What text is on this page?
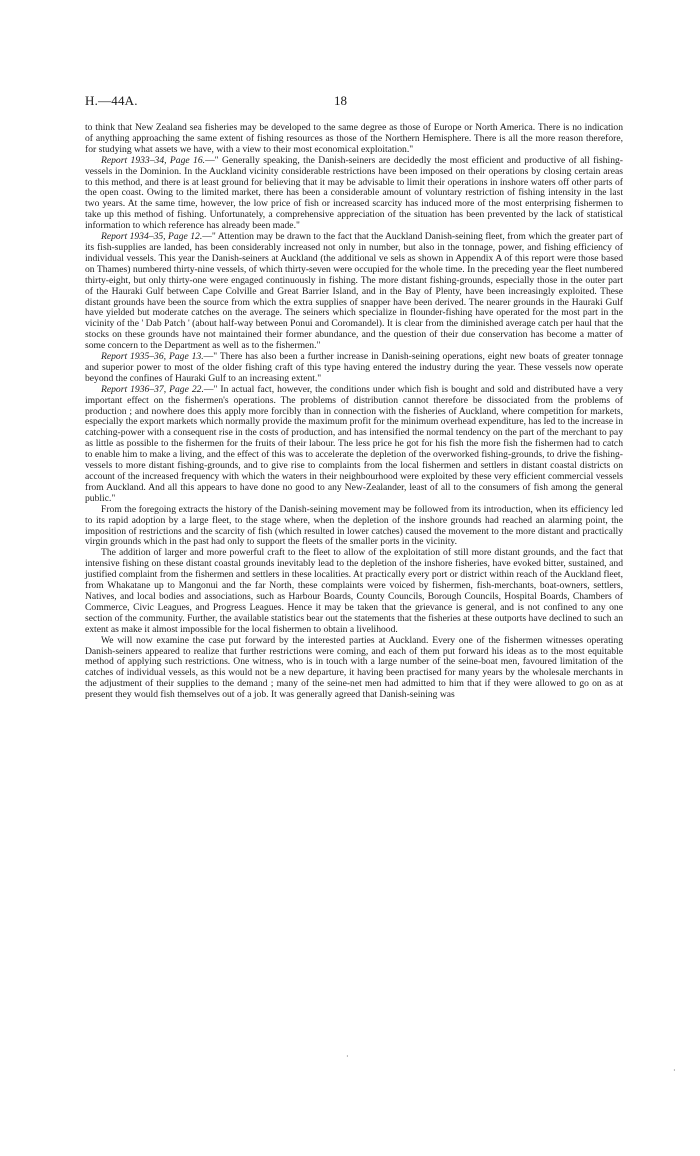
H.—44A.	18

to think that New Zealand sea fisheries may be developed to the same degree as those of Europe or North America. There is no indication of anything approaching the same extent of fishing resources as those of the Northern Hemisphere. There is all the more reason therefore, for studying what assets we have, with a view to their most economical exploitation."

Report 1933–34, Page 16.—" Generally speaking, the Danish-seiners are decidedly the most efficient and productive of all fishing-vessels in the Dominion. In the Auckland vicinity considerable restrictions have been imposed on their operations by closing certain areas to this method, and there is at least ground for believing that it may be advisable to limit their operations in inshore waters off other parts of the open coast. Owing to the limited market, there has been a considerable amount of voluntary restriction of fishing intensity in the last two years. At the same time, however, the low price of fish or increased scarcity has induced more of the most enterprising fishermen to take up this method of fishing. Unfortunately, a comprehensive appreciation of the situation has been prevented by the lack of statistical information to which reference has already been made."

Report 1934–35, Page 12.—" Attention may be drawn to the fact that the Auckland Danish-seining fleet, from which the greater part of its fish-supplies are landed, has been considerably increased not only in number, but also in the tonnage, power, and fishing efficiency of individual vessels. This year the Danish-seiners at Auckland (the additional ve sels as shown in Appendix A of this report were those based on Thames) numbered thirty-nine vessels, of which thirty-seven were occupied for the whole time. In the preceding year the fleet numbered thirty-eight, but only thirty-one were engaged continuously in fishing. The more distant fishing-grounds, especially those in the outer part of the Hauraki Gulf between Cape Colville and Great Barrier Island, and in the Bay of Plenty, have been increasingly exploited. These distant grounds have been the source from which the extra supplies of snapper have been derived. The nearer grounds in the Hauraki Gulf have yielded but moderate catches on the average. The seiners which specialize in flounder-fishing have operated for the most part in the vicinity of the ' Dab Patch ' (about half-way between Ponui and Coromandel). It is clear from the diminished average catch per haul that the stocks on these grounds have not maintained their former abundance, and the question of their due conservation has become a matter of some concern to the Department as well as to the fishermen."

Report 1935–36, Page 13.—" There has also been a further increase in Danish-seining operations, eight new boats of greater tonnage and superior power to most of the older fishing craft of this type having entered the industry during the year. These vessels now operate beyond the confines of Hauraki Gulf to an increasing extent."

Report 1936–37, Page 22.—" In actual fact, however, the conditions under which fish is bought and sold and distributed have a very important effect on the fishermen's operations. The problems of distribution cannot therefore be dissociated from the problems of production ; and nowhere does this apply more forcibly than in connection with the fisheries of Auckland, where competition for markets, especially the export markets which normally provide the maximum profit for the minimum overhead expenditure, has led to the increase in catching-power with a consequent rise in the costs of production, and has intensified the normal tendency on the part of the merchant to pay as little as possible to the fishermen for the fruits of their labour. The less price he got for his fish the more fish the fishermen had to catch to enable him to make a living, and the effect of this was to accelerate the depletion of the overworked fishing-grounds, to drive the fishing-vessels to more distant fishing-grounds, and to give rise to complaints from the local fishermen and settlers in distant coastal districts on account of the increased frequency with which the waters in their neighbourhood were exploited by these very efficient commercial vessels from Auckland. And all this appears to have done no good to any New-Zealander, least of all to the consumers of fish among the general public."

From the foregoing extracts the history of the Danish-seining movement may be followed from its introduction, when its efficiency led to its rapid adoption by a large fleet, to the stage where, when the depletion of the inshore grounds had reached an alarming point, the imposition of restrictions and the scarcity of fish (which resulted in lower catches) caused the movement to the more distant and practically virgin grounds which in the past had only to support the fleets of the smaller ports in the vicinity.

The addition of larger and more powerful craft to the fleet to allow of the exploitation of still more distant grounds, and the fact that intensive fishing on these distant coastal grounds inevitably lead to the depletion of the inshore fisheries, have evoked bitter, sustained, and justified complaint from the fishermen and settlers in these localities. At practically every port or district within reach of the Auckland fleet, from Whakatane up to Mangonui and the far North, these complaints were voiced by fishermen, fish-merchants, boat-owners, settlers, Natives, and local bodies and associations, such as Harbour Boards, County Councils, Borough Councils, Hospital Boards, Chambers of Commerce, Civic Leagues, and Progress Leagues. Hence it may be taken that the grievance is general, and is not confined to any one section of the community. Further, the available statistics bear out the statements that the fisheries at these outports have declined to such an extent as make it almost impossible for the local fishermen to obtain a livelihood.

We will now examine the case put forward by the interested parties at Auckland. Every one of the fishermen witnesses operating Danish-seiners appeared to realize that further restrictions were coming, and each of them put forward his ideas as to the most equitable method of applying such restrictions. One witness, who is in touch with a large number of the seine-boat men, favoured limitation of the catches of individual vessels, as this would not be a new departure, it having been practised for many years by the wholesale merchants in the adjustment of their supplies to the demand ; many of the seine-net men had admitted to him that if they were allowed to go on as at present they would fish themselves out of a job. It was generally agreed that Danish-seining was

·
·
